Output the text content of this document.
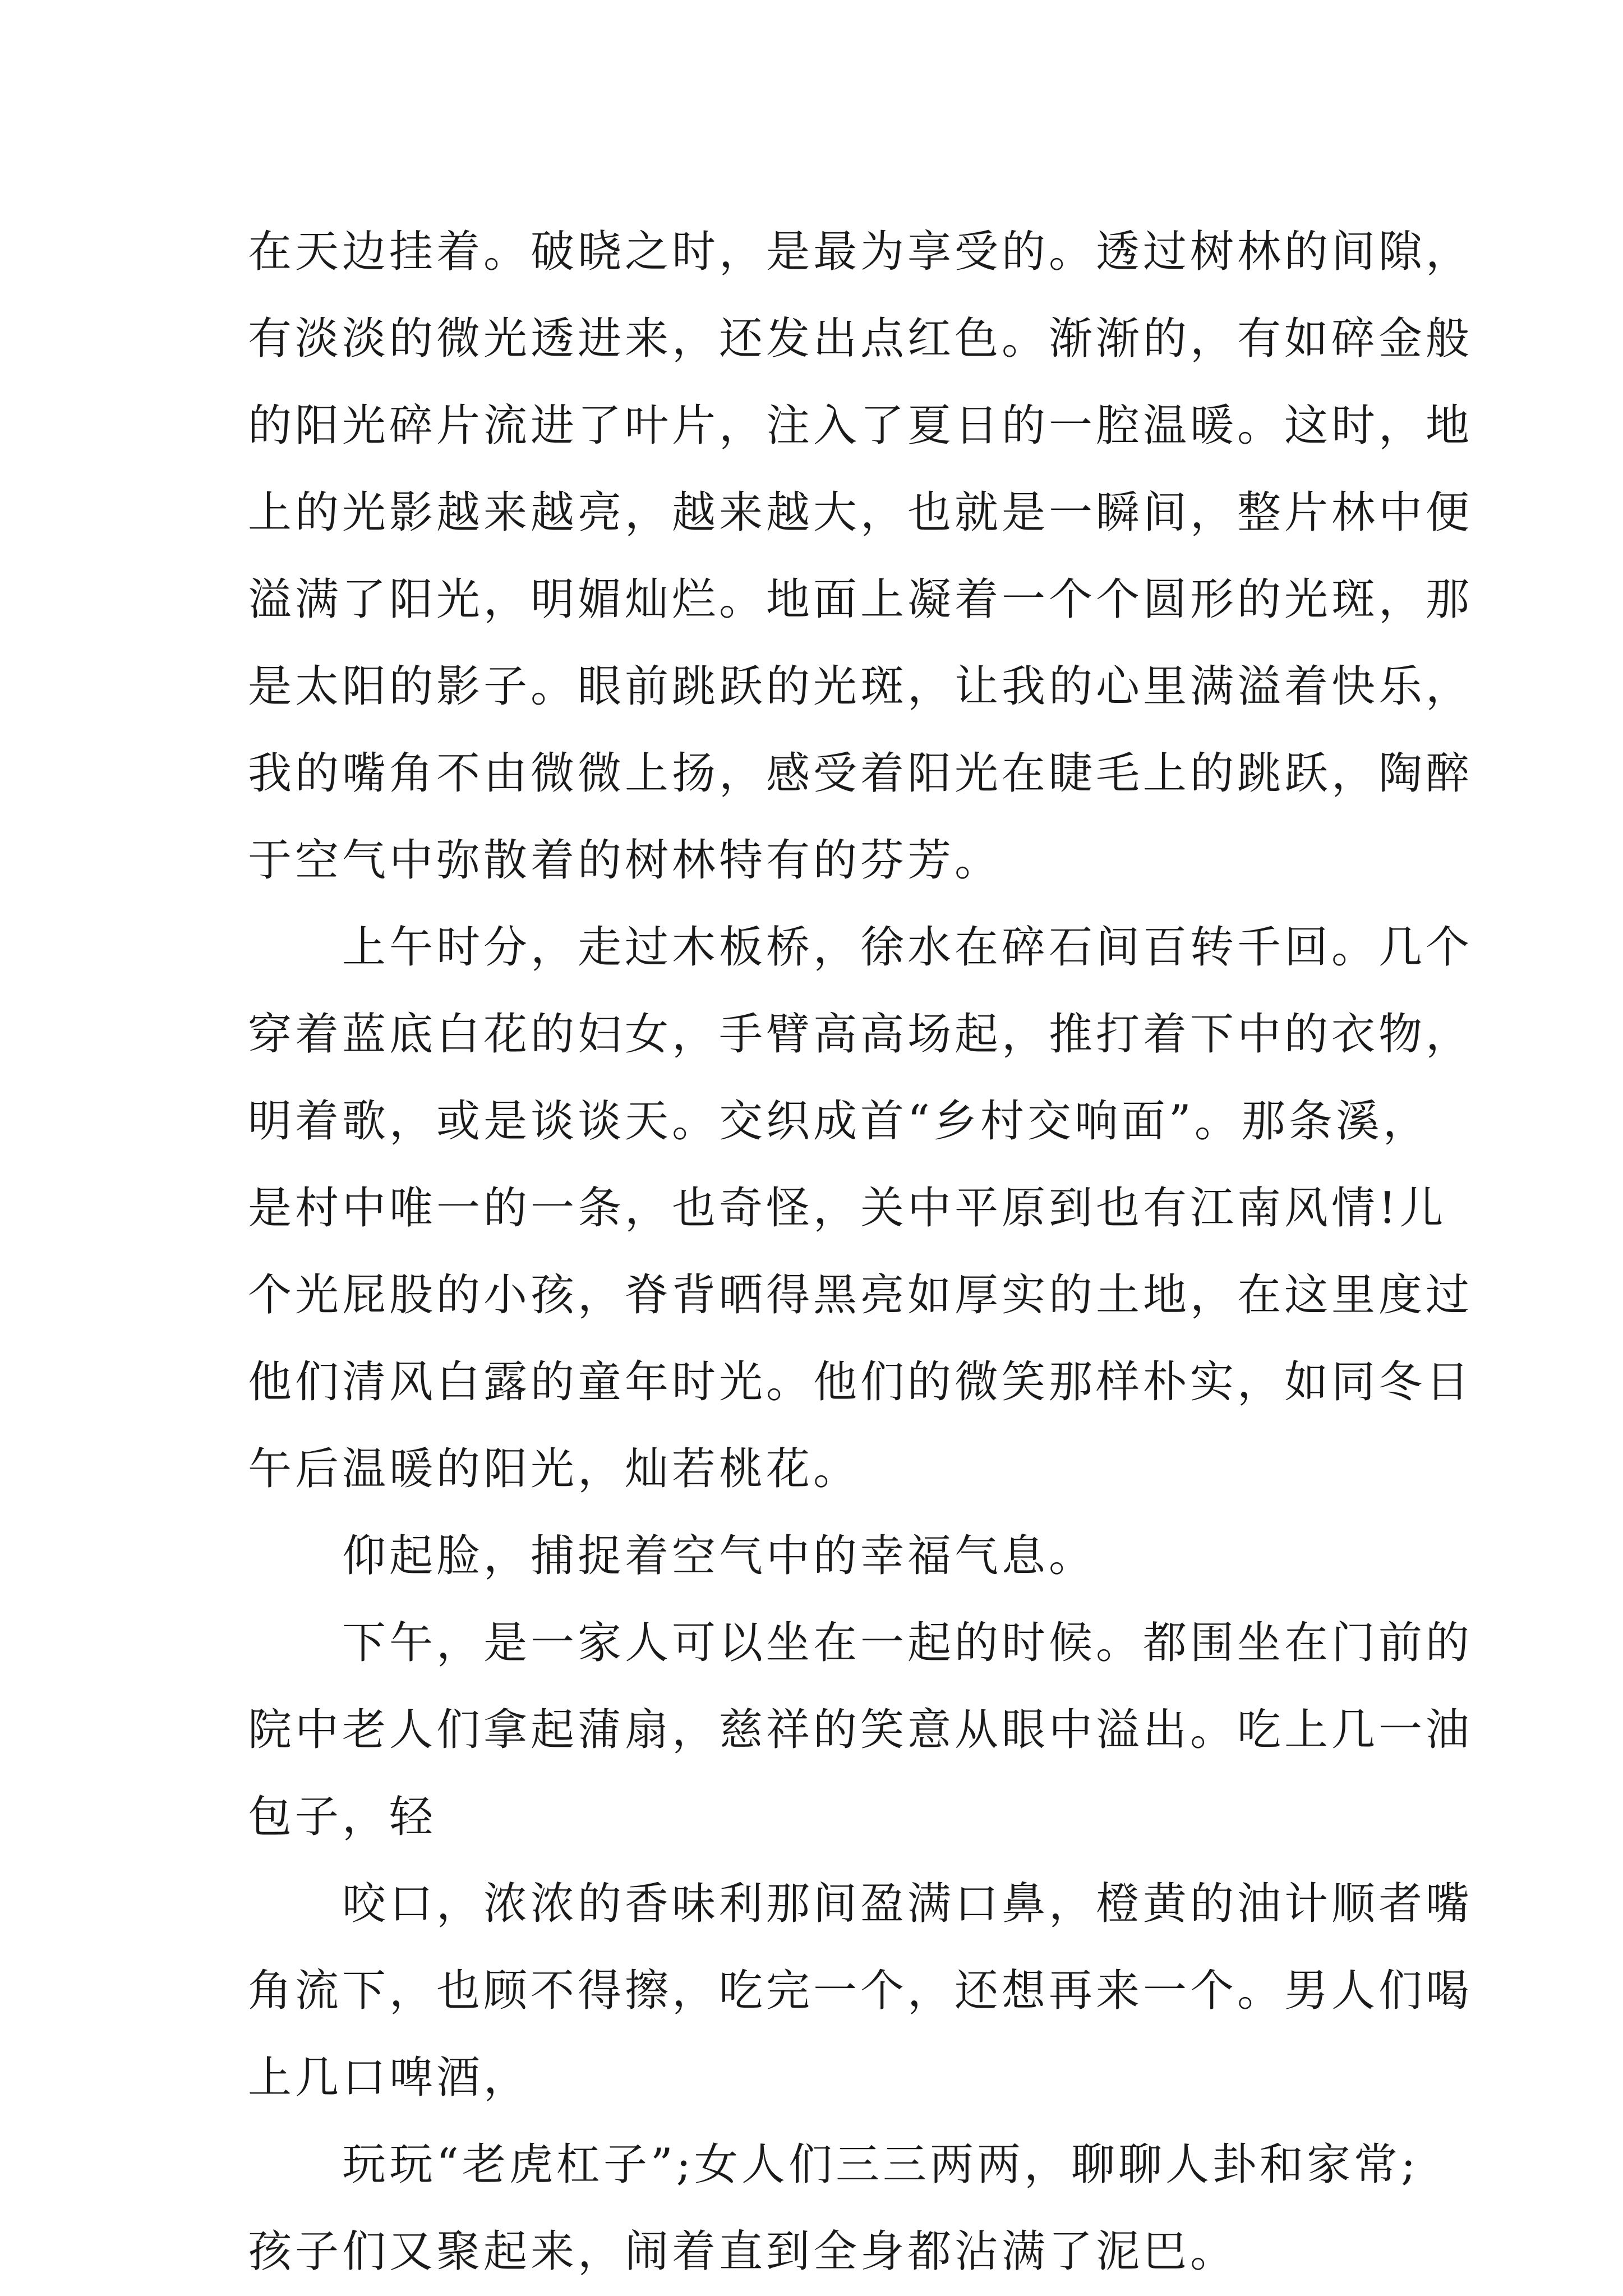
在天边挂着。破晓之时，是最为享受的。透过树林的间隙，
有淡淡的微光透进来，还发出点红色。渐渐的，有如碎金般
的阳光碎片流进了叶片，注入了夏日的一腔温暖。这时，地
上的光影越来越亮，越来越大，也就是一瞬间，整片林中便
溢满了阳光，明媚灿烂。地面上凝着一个个圆形的光斑，那
是太阳的影子。眼前跳跃的光斑，让我的心里满溢着快乐，
我的嘴角不由微微上扬，感受着阳光在睫毛上的跳跃，陶醉
于空气中弥散着的树林特有的芬芳。
上午时分，走过木板桥，徐水在碎石间百转千回。几个
穿着蓝底白花的妇女，手臂高高场起，推打着下中的衣物，
明着歌，或是谈谈天。交织成首“乡村交响面”。那条溪，
是村中唯一的一条，也奇怪，关中平原到也有江南风情!儿
个光屁股的小孩，脊背晒得黑亮如厚实的土地，在这里度过
他们清风白露的童年时光。他们的微笑那样朴实，如同冬日
午后温暖的阳光，灿若桃花。
仰起脸，捕捉着空气中的幸福气息。
下午，是一家人可以坐在一起的时候。都围坐在门前的
院中老人们拿起蒲扇，慈祥的笑意从眼中溢出。吃上几一油
包子，轻
咬口，浓浓的香味利那间盈满口鼻，橙黄的油计顺者嘴
角流下，也顾不得擦，吃完一个，还想再来一个。男人们喝
上几口啤酒，
玩玩“老虎杠子”;女人们三三两两，聊聊人卦和家常;
孩子们又聚起来，闹着直到全身都沾满了泥巴。
